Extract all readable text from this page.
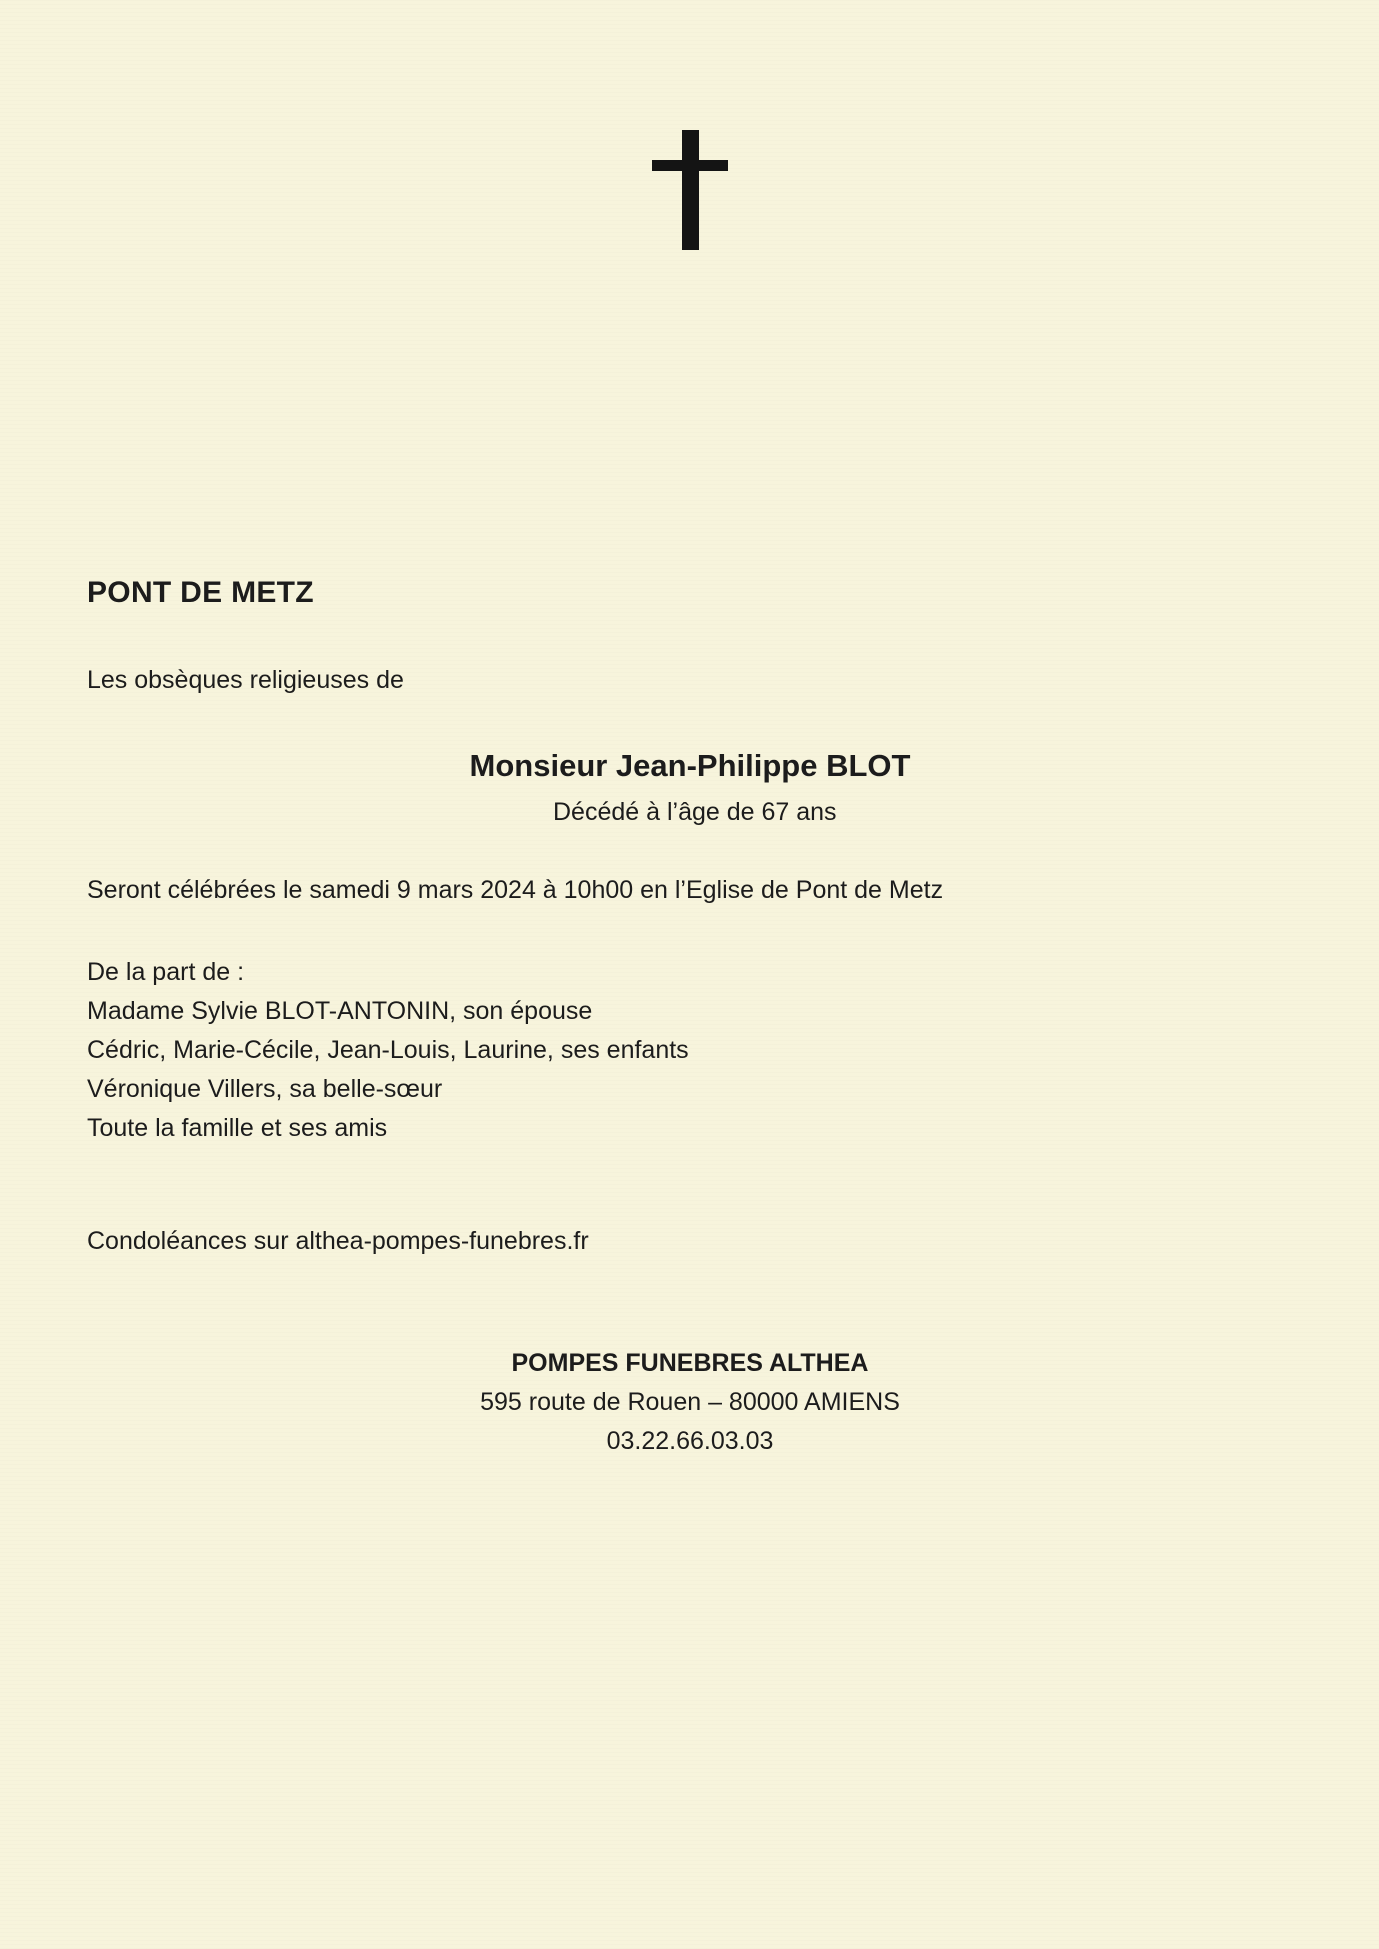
PONT DE METZ
Les obsèques religieuses de
Monsieur Jean-Philippe BLOT
Décédé à l’âge de 67 ans
Seront célébrées le samedi 9 mars 2024 à 10h00 en l’Eglise de Pont de Metz
De la part de :
Madame Sylvie BLOT-ANTONIN, son épouse
Cédric, Marie-Cécile, Jean-Louis, Laurine, ses enfants
Véronique Villers, sa belle-sœur
Toute la famille et ses amis
Condoléances sur althea-pompes-funebres.fr
POMPES FUNEBRES ALTHEA
595 route de Rouen – 80000 AMIENS
03.22.66.03.03
